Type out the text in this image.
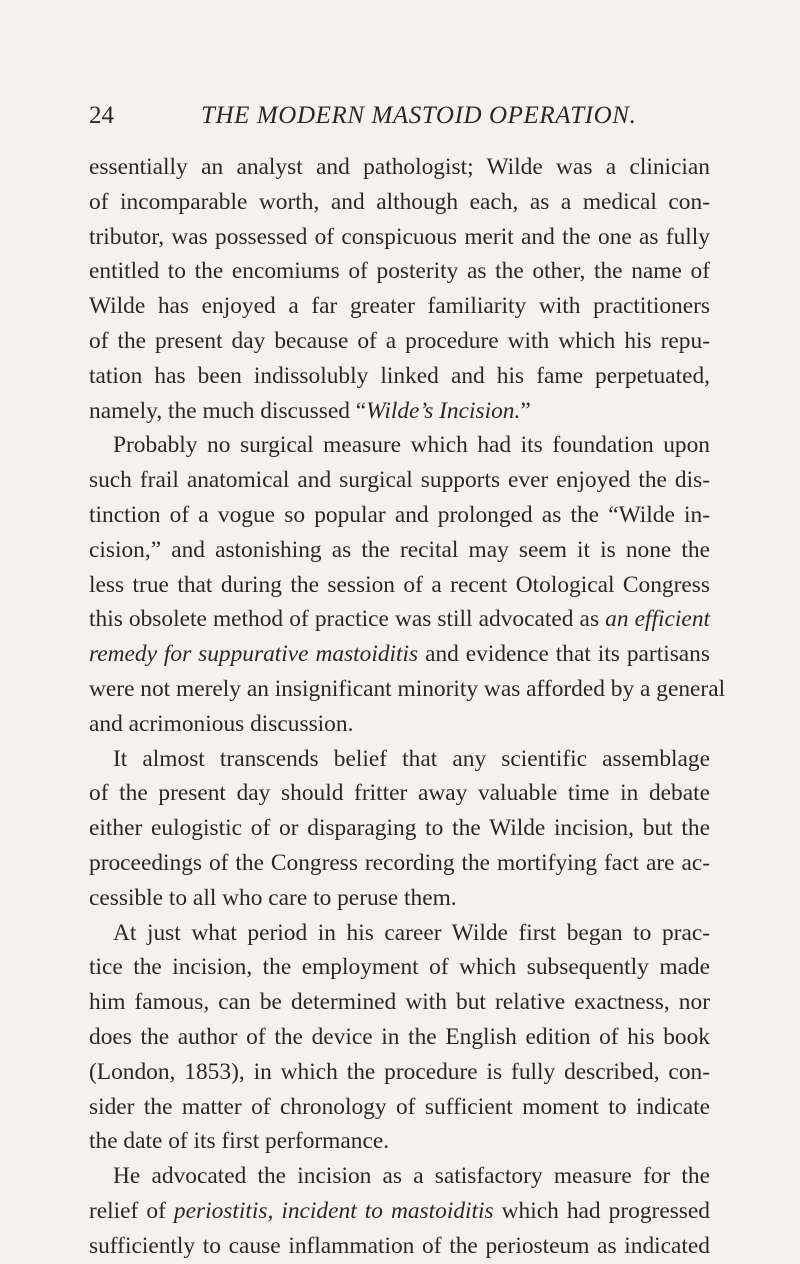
24	THE MODERN MASTOID OPERATION.
essentially an analyst and pathologist; Wilde was a clinician
of incomparable worth, and although each, as a medical con-
tributor, was possessed of conspicuous merit and the one as fully
entitled to the encomiums of posterity as the other, the name of
Wilde has enjoyed a far greater familiarity with practitioners
of the present day because of a procedure with which his repu-
tation has been indissolubly linked and his fame perpetuated,
namely, the much discussed “Wilde’s Incision.”
Probably no surgical measure which had its foundation upon
such frail anatomical and surgical supports ever enjoyed the dis-
tinction of a vogue so popular and prolonged as the “Wilde in-
cision,” and astonishing as the recital may seem it is none the
less true that during the session of a recent Otological Congress
this obsolete method of practice was still advocated as an efficient
remedy for suppurative mastoiditis and evidence that its partisans
were not merely an insignificant minority was afforded by a general
and acrimonious discussion.
It almost transcends belief that any scientific assemblage
of the present day should fritter away valuable time in debate
either eulogistic of or disparaging to the Wilde incision, but the
proceedings of the Congress recording the mortifying fact are ac-
cessible to all who care to peruse them.
At just what period in his career Wilde first began to prac-
tice the incision, the employment of which subsequently made
him famous, can be determined with but relative exactness, nor
does the author of the device in the English edition of his book
(London, 1853), in which the procedure is fully described, con-
sider the matter of chronology of sufficient moment to indicate
the date of its first performance.
He advocated the incision as a satisfactory measure for the
relief of periostitis, incident to mastoiditis which had progressed
sufficiently to cause inflammation of the periosteum as indicated
